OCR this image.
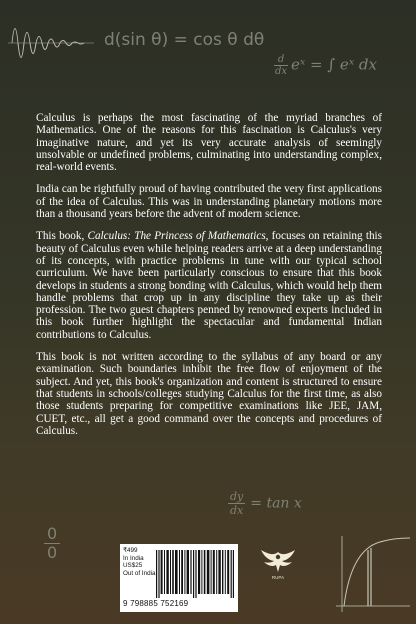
d(sin θ) = cos θ dθ
$\frac{d}{dx}$ eˣ = ∫ eˣ dx

Calculus is perhaps the most fascinating of the myriad branches of Mathematics. One of the reasons for this fascination is Calculus's very imaginative nature, and yet its very accurate analysis of seemingly unsolvable or undefined problems, culminating into understanding complex, real-world events.

India can be rightfully proud of having contributed the very first applications of the idea of Calculus. This was in understanding planetary motions more than a thousand years before the advent of modern science.

This book, Calculus: The Princess of Mathematics, focuses on retaining this beauty of Calculus even while helping readers arrive at a deep understanding of its concepts, with practice problems in tune with our typical school curriculum. We have been particularly conscious to ensure that this book develops in students a strong bonding with Calculus, which would help them handle problems that crop up in any discipline they take up as their profession. The two guest chapters penned by renowned experts included in this book further highlight the spectacular and fundamental Indian contributions to Calculus.

This book is not written according to the syllabus of any board or any examination. Such boundaries inhibit the free flow of enjoyment of the subject. And yet, this book's organization and content is structured to ensure that students in schools/colleges studying Calculus for the first time, as also those students preparing for competitive examinations like JEE, JAM, CUET, etc., all get a good command over the concepts and procedures of Calculus.

$\frac{dy}{dx} = \tan x$
$\frac{0}{0}$	₹499
In India
US$25
Out of India
9 798885 752169
RUPA
